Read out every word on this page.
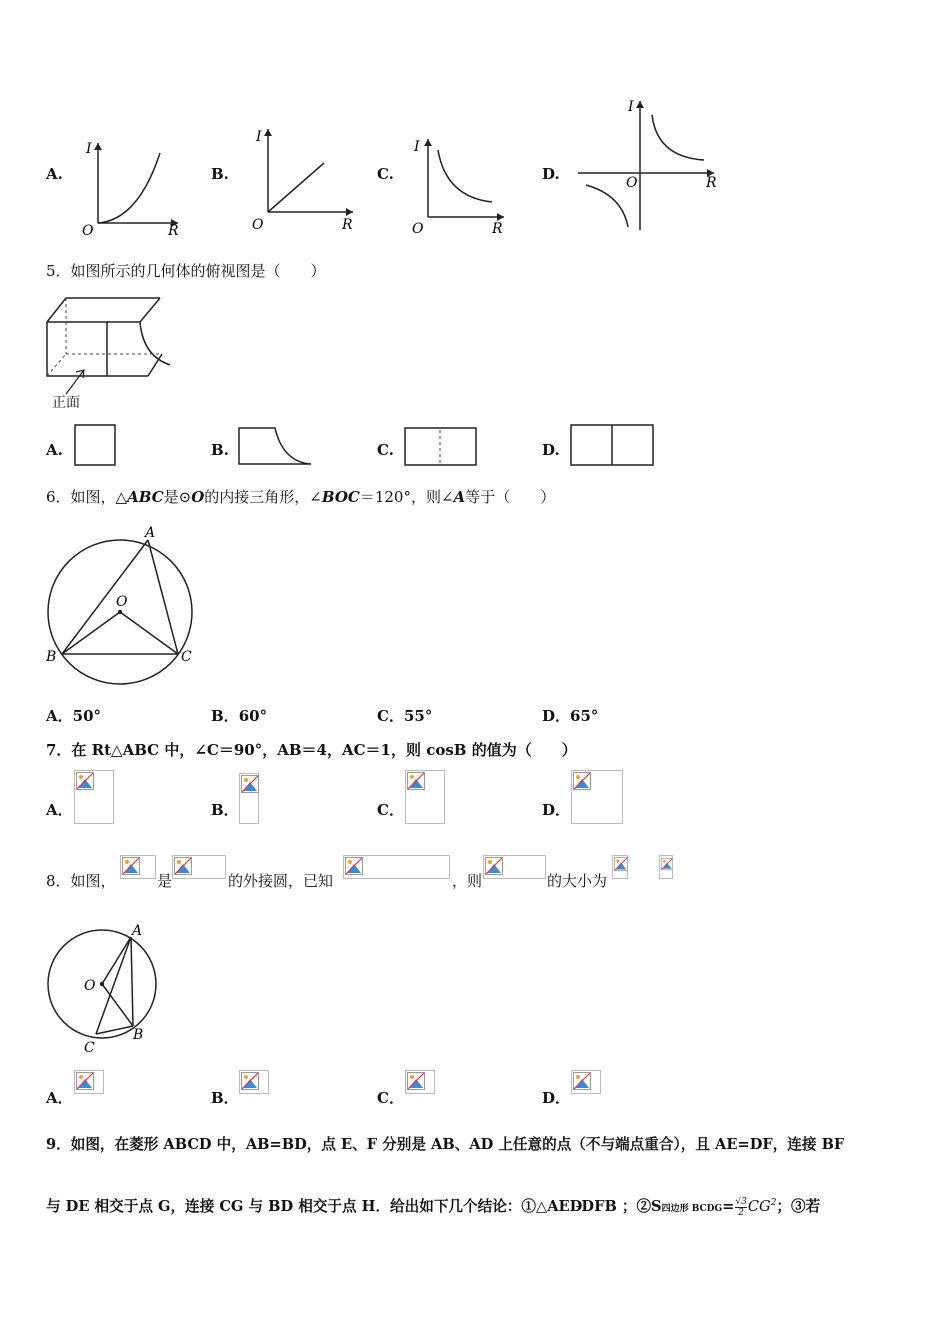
A.
I
R
O
B.
I
R
O
C.
I
R
O
D.
I
R
O
5．如图所示的几何体的俯视图是（　　）
正面
A.	B.	C.	D.
6．如图，△ABC是⊙O的内接三角形，∠BOC＝120°，则∠A等于（　　）
A
B	C
O
A．50°	B．60°	C．55°	D．65°
7．在 Rt△ABC 中，∠C＝90°，AB＝4，AC＝1，则 cosB 的值为（　　）
A．	B．	C．	D．
8．如图，	是	的外接圆，已知	，则	的大小为
A
B
C
O
A．	B．	C．	D．
9．如图，在菱形 ABCD 中，AB=BD，点 E、F 分别是 AB、AD 上任意的点（不与端点重合），且 AE=DF，连接 BF
与 DE 相交于点 G，连接 CG 与 BD 相交于点 H．给出如下几个结论：①△AED DFB ；②S四边形 BCDG= $\frac{√3}{2} CG^2$；③若
